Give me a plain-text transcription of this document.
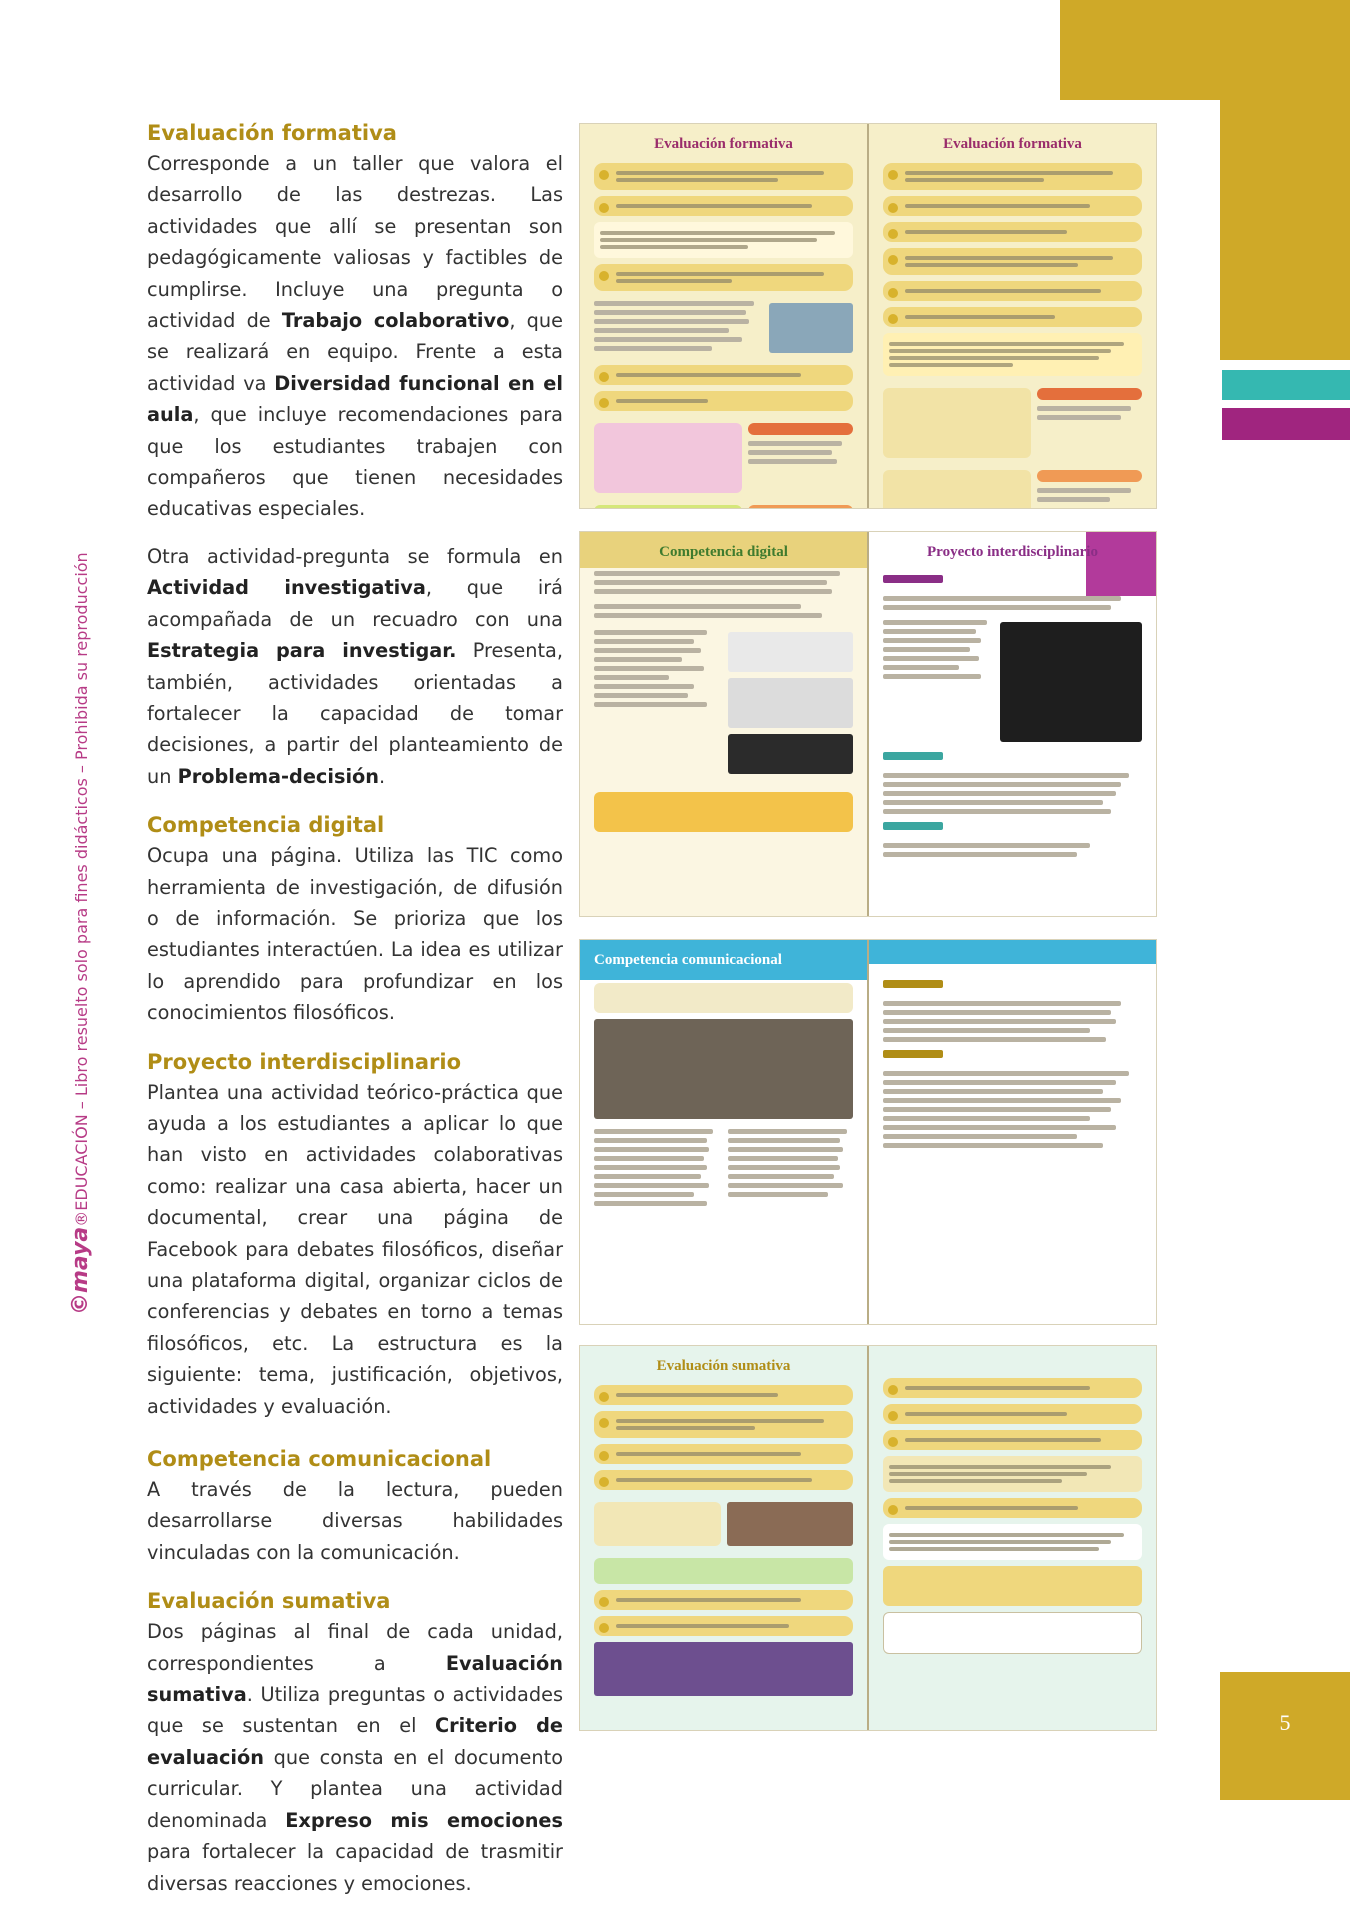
5
©maya®EDUCACIÓN – Libro resuelto solo para fines didácticos – Prohibida su reproducción
Evaluación formativa

Corresponde a un taller que valora el desarrollo de las destrezas. Las actividades que allí se presentan son pedagógicamente valiosas y factibles de cumplirse. Incluye una pregunta o actividad de Trabajo colaborativo, que se realizará en equipo. Frente a esta actividad va Diversidad funcional en el aula, que incluye recomendaciones para que los estudiantes trabajen con compañeros que tienen necesidades educativas especiales.

Otra actividad-pregunta se formula en Actividad investigativa, que irá acompañada de un recuadro con una Estrategia para investigar. Presenta, también, actividades orientadas a fortalecer la capacidad de tomar decisiones, a partir del planteamiento de un Problema-decisión.

Competencia digital

Ocupa una página. Utiliza las TIC como herramienta de investigación, de difusión o de información. Se prioriza que los estudiantes interactúen. La idea es utilizar lo aprendido para profundizar en los conocimientos filosóficos.

Proyecto interdisciplinario

Plantea una actividad teórico-práctica que ayuda a los estudiantes a aplicar lo que han visto en actividades colaborativas como: realizar una casa abierta, hacer un documental, crear una página de Facebook para debates filosóficos, diseñar una plataforma digital, organizar ciclos de conferencias y debates en torno a temas filosóficos, etc. La estructura es la siguiente: tema, justificación, objetivos, actividades y evaluación.

Competencia comunicacional

A través de la lectura, pueden desarrollarse diversas habilidades vinculadas con la comunicación.

Evaluación sumativa

Dos páginas al final de cada unidad, correspondientes a Evaluación sumativa. Utiliza preguntas o actividades que se sustentan en el Criterio de evaluación que consta en el documento curricular. Y plantea una actividad denominada Expreso mis emociones para fortalecer la capacidad de trasmitir diversas reacciones y emociones.

Evaluación formativa	Evaluación formativa
Competencia digital	Proyecto interdisciplinario
Competencia comunicacional
Evaluación sumativa
